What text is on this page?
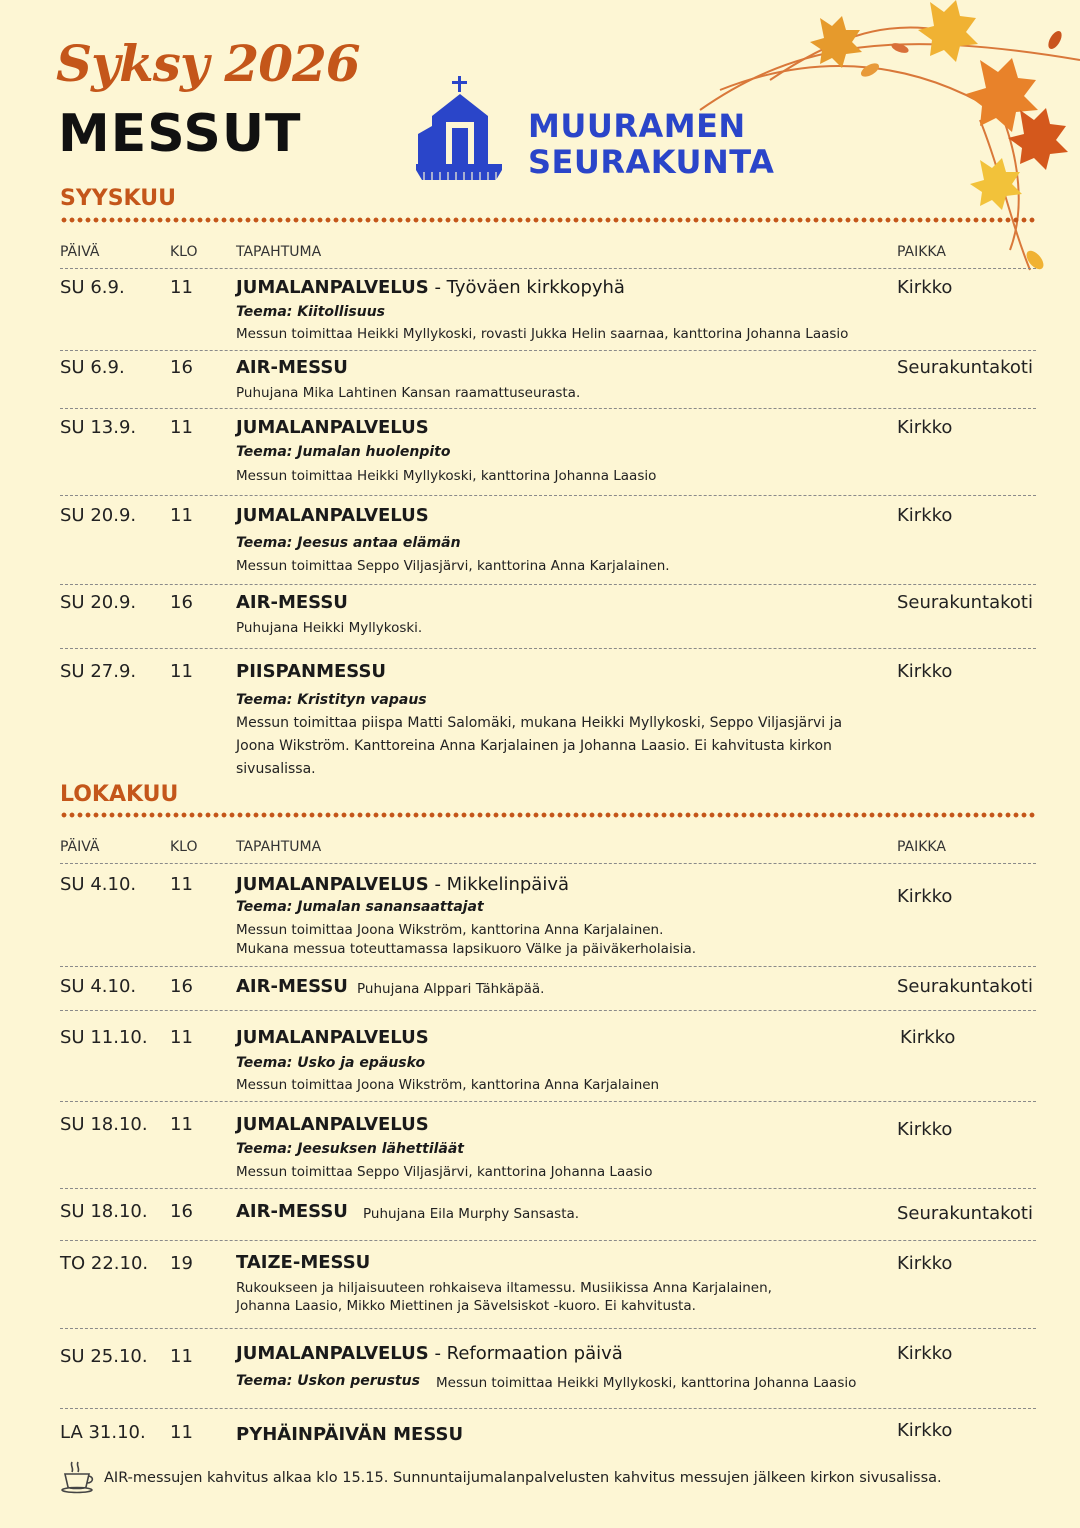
Syksy 2026
MESSUT	MUURAMEN
SEURAKUNTA
SYYSKUU
PÄIVÄ	KLO	TAPAHTUMA	PAIKKA
SU 6.9.	11 JUMALANPALVELUS - Työväen kirkkopyhä	Kirkko
Teema: Kiitollisuus
Messun toimittaa Heikki Myllykoski, rovasti Jukka Helin saarnaa, kanttorina Johanna Laasio
SU 6.9.	16 AIR-MESSU	Seurakuntakoti
Puhujana Mika Lahtinen Kansan raamattuseurasta.
SU 13.9. 11 JUMALANPALVELUS	Kirkko
Teema: Jumalan huolenpito
Messun toimittaa Heikki Myllykoski, kanttorina Johanna Laasio
SU 20.9. 11 JUMALANPALVELUS	Kirkko
Teema: Jeesus antaa elämän
Messun toimittaa Seppo Viljasjärvi, kanttorina Anna Karjalainen.
SU 20.9. 16 AIR-MESSU	Seurakuntakoti
Puhujana Heikki Myllykoski.
SU 27.9. 11 PIISPANMESSU	Kirkko
Teema: Kristityn vapaus
Messun toimittaa piispa Matti Salomäki, mukana Heikki Myllykoski, Seppo Viljasjärvi ja Joona Wikström. Kanttoreina Anna Karjalainen ja Johanna Laasio. Ei kahvitusta kirkon sivusalissa.
LOKAKUU
PÄIVÄ	KLO	TAPAHTUMA	PAIKKA
SU 4.10. 11 JUMALANPALVELUS - Mikkelinpäivä
Kirkko
Teema: Jumalan sanansaattajat
Messun toimittaa Joona Wikström, kanttorina Anna Karjalainen.
Mukana messua toteuttamassa lapsikuoro Välke ja päiväkerholaisia.
SU 4.10. 16 AIR-MESSU Puhujana Alppari Tähkäpää.	Seurakuntakoti
SU 11.10. 11 JUMALANPALVELUS	Kirkko
Teema: Usko ja epäusko
Messun toimittaa Joona Wikström, kanttorina Anna Karjalainen
SU 18.10. 11 JUMALANPALVELUS	Kirkko
Teema: Jeesuksen lähettiläät
Messun toimittaa Seppo Viljasjärvi, kanttorina Johanna Laasio
SU 18.10. 16 AIR-MESSU Puhujana Eila Murphy Sansasta.	Seurakuntakoti
TO 22.10. 19 TAIZE-MESSU	Kirkko
Rukoukseen ja hiljaisuuteen rohkaiseva iltamessu. Musiikissa Anna Karjalainen,
Johanna Laasio, Mikko Miettinen ja Sävelsiskot -kuoro. Ei kahvitusta.
SU 25.10. 11 JUMALANPALVELUS - Reformaation päivä	Kirkko
Teema: Uskon perustus Messun toimittaa Heikki Myllykoski, kanttorina Johanna Laasio
LA 31.10. 11 PYHÄINPÄIVÄN MESSU	Kirkko
AIR-messujen kahvitus alkaa klo 15.15. Sunnuntaijumalanpalvelusten kahvitus messujen jälkeen kirkon sivusalissa.
